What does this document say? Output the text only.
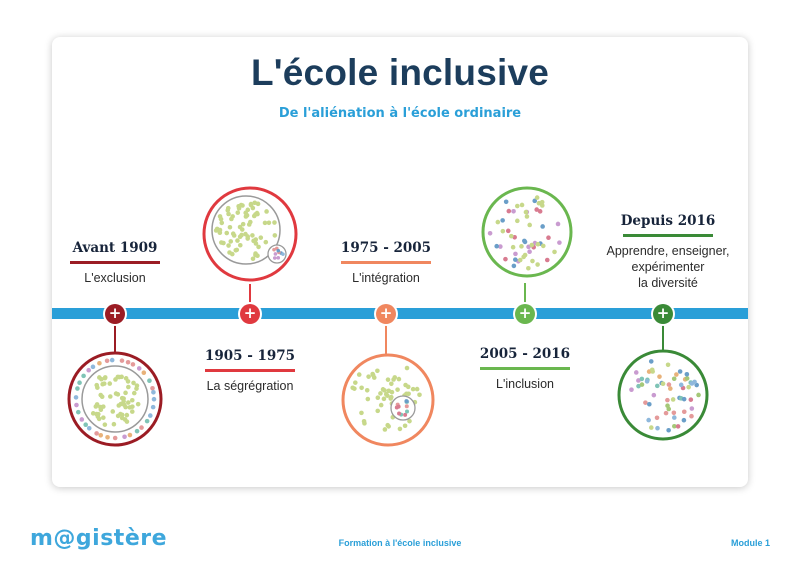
L'école inclusive
De l'aliénation à l'école ordinaire
Avant 1909
L'exclusion
1905 - 1975
La ségrégration
1975 - 2005
L'intégration
2005 - 2016
L'inclusion
Depuis 2016
Apprendre, enseigner,
expérimenter
la diversité
+	+	+	+	+
m@gistère	Formation à l'école inclusive	Module 1
